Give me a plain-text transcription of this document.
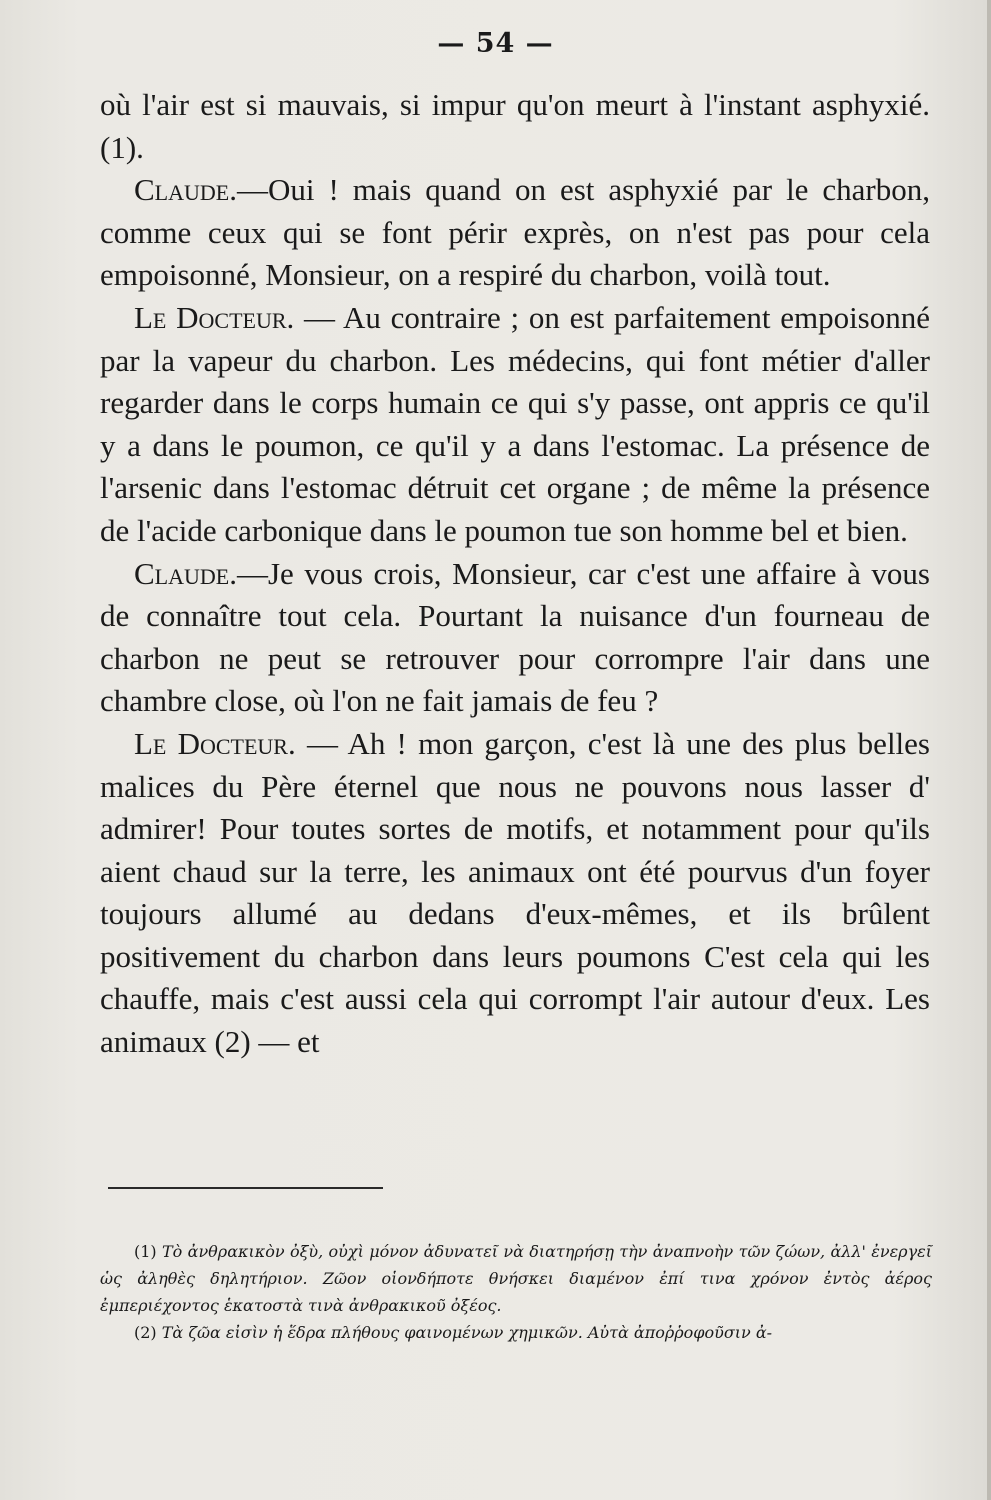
— 54 —

où l'air est si mauvais, si impur qu'on meurt à l'instant asphyxié. (1).

Claude.—Oui ! mais quand on est asphyxié par le charbon, comme ceux qui se font périr exprès, on n'est pas pour cela empoisonné, Monsieur, on a respiré du charbon, voilà tout.

Le Docteur. — Au contraire ; on est parfaitement empoisonné par la vapeur du charbon. Les médecins, qui font métier d'aller regarder dans le corps humain ce qui s'y passe, ont appris ce qu'il y a dans le poumon, ce qu'il y a dans l'estomac. La présence de l'arsenic dans l'estomac détruit cet organe ; de même la présence de l'acide carbonique dans le poumon tue son homme bel et bien.

Claude.—Je vous crois, Monsieur, car c'est une affaire à vous de connaître tout cela. Pourtant la nuisance d'un fourneau de charbon ne peut se retrouver pour corrompre l'air dans une chambre close, où l'on ne fait jamais de feu ?

Le Docteur. — Ah ! mon garçon, c'est là une des plus belles malices du Père éternel que nous ne pouvons nous lasser d' admirer! Pour toutes sortes de motifs, et notamment pour qu'ils aient chaud sur la terre, les animaux ont été pourvus d'un foyer toujours allumé au dedans d'eux-mêmes, et ils brûlent positivement du charbon dans leurs poumons C'est cela qui les chauffe, mais c'est aussi cela qui corrompt l'air autour d'eux. Les animaux (2) — et

(1) Τὸ ἀνθρακικὸν ὀξὺ, οὐχὶ μόνον ἀδυνατεῖ νὰ διατηρήσῃ τὴν ἀναπνοὴν τῶν ζώων, ἀλλ' ἐνεργεῖ ὡς ἀληθὲς δηλητήριον. Ζῶον οἱονδήποτε θνήσκει διαμένον ἐπί τινα χρόνον ἐντὸς ἀέρος ἐμπεριέχοντος ἑκατοστὰ τινὰ ἀνθρακικοῦ ὀξέος.

(2) Τὰ ζῶα εἰσὶν ἡ ἕδρα πλήθους φαινομένων χημικῶν. Αὐτὰ ἀποῤῥοφοῦσιν ἀ-
